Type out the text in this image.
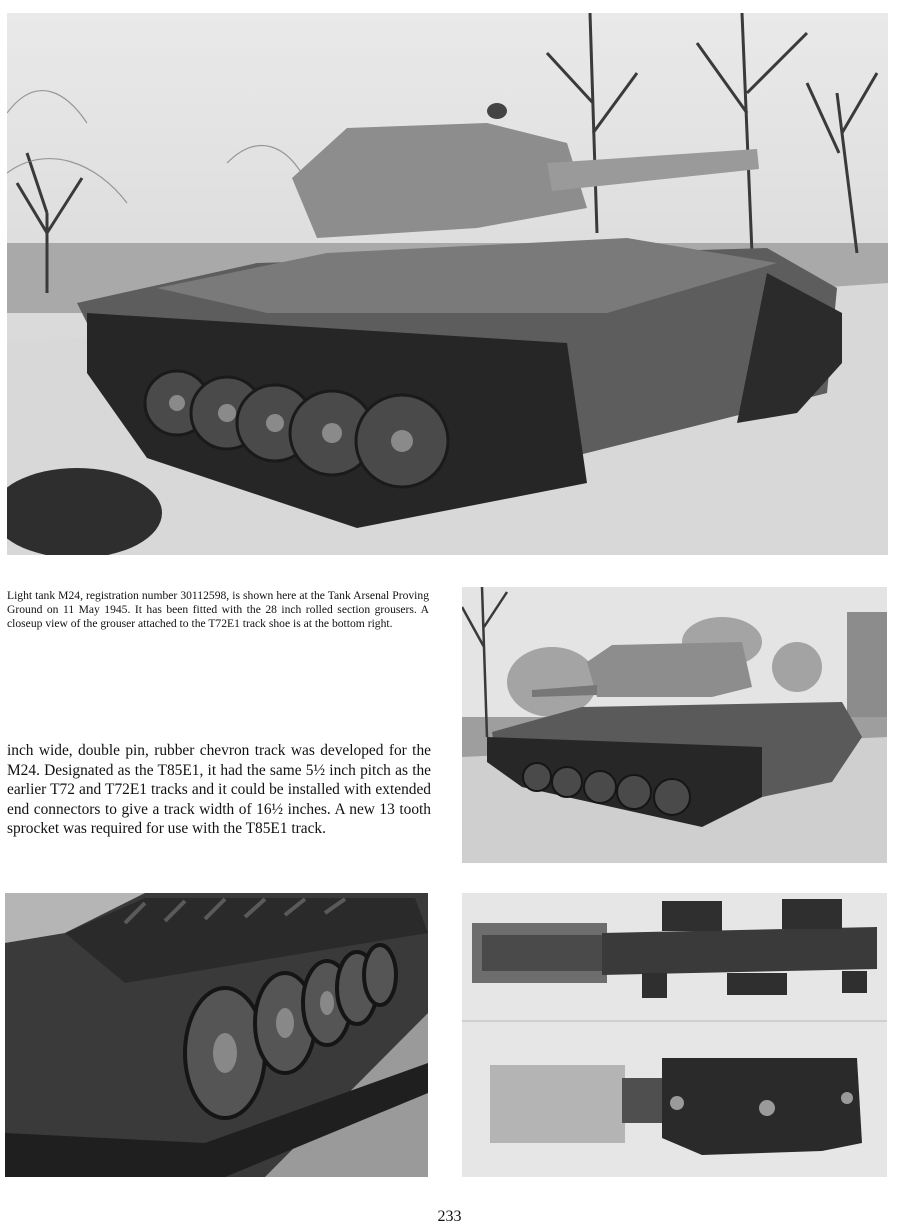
Light tank M24, registration number 30112598, is shown here at the Tank Arsenal Proving Ground on 11 May 1945. It has been fitted with the 28 inch rolled section grousers. A closeup view of the grouser attached to the T72E1 track shoe is at the bottom right.
inch wide, double pin, rubber chevron track was developed for the M24. Designated as the T85E1, it had the same 5½ inch pitch as the earlier T72 and T72E1 tracks and it could be installed with extended end connectors to give a track width of 16½ inches. A new 13 tooth sprocket was required for use with the T85E1 track.
233
